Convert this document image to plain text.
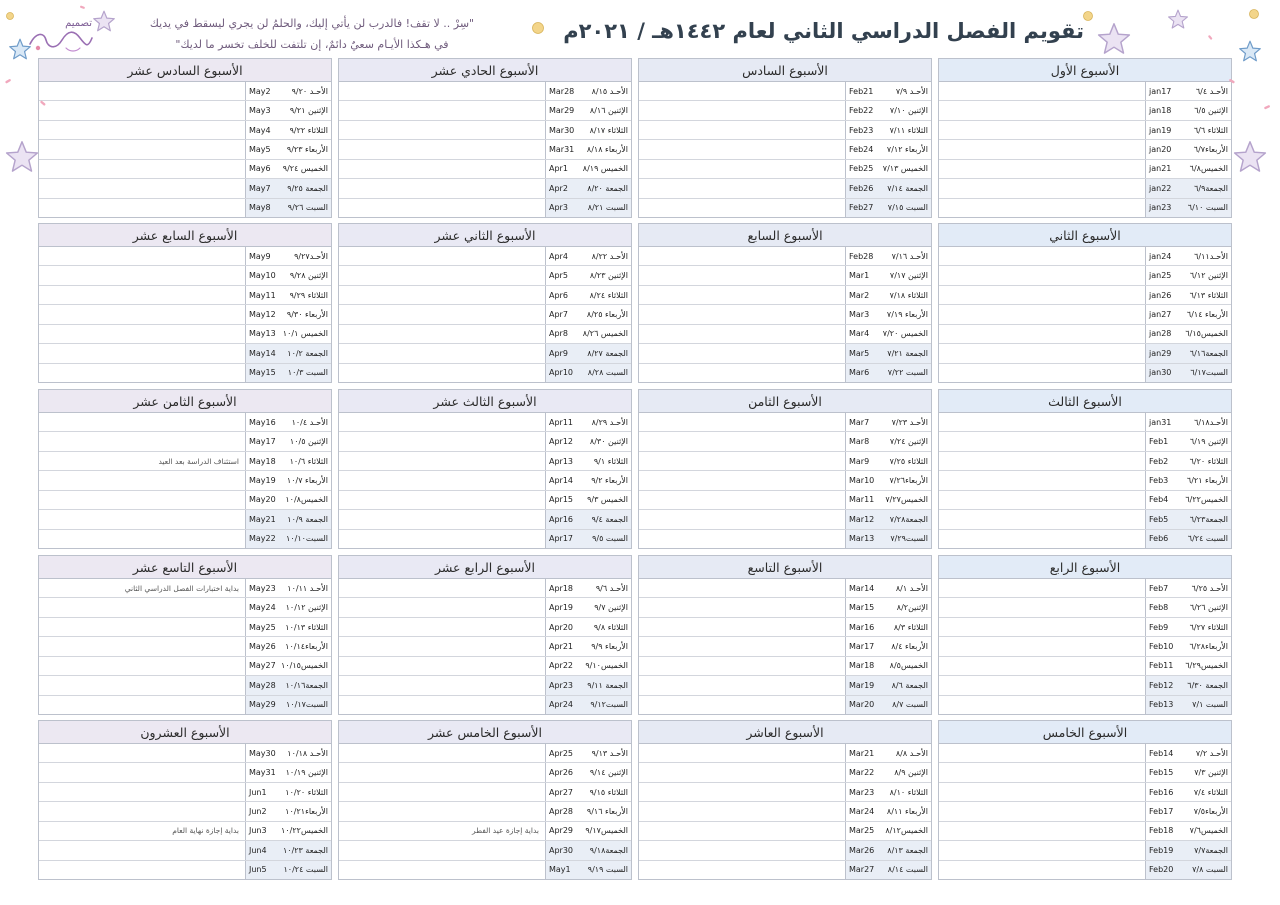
تقويم الفصل الدراسي الثاني لعام ١٤٤٢هـ / ٢٠٢١م
"سِرْ .. لا تقف! فالدرب لن يأتي إليك، والحلمُ لن يجري ليسقط في يديك
في هـكذا الأيـام سعيٌ دائمٌ، إن تلتفت للخلف تخسر ما لديك"
تصميم
الأسبوع الأول
الأحـد ٦/٤
jan17
الإثنين ٦/٥
jan18
الثلاثاء ٦/٦
jan19
الأربعاء٦/٧
jan20
الخميس٦/٨
jan21
الجمعة٦/٩
jan22
السبت ٦/١٠
jan23
الأسبوع الثاني
الأحـد٦/١١
jan24
الإثنين ٦/١٢
jan25
الثلاثاء ٦/١٣
jan26
الأربعاء ٦/١٤
jan27
الخميس٦/١٥
jan28
الجمعة٦/١٦
jan29
السبت٦/١٧
jan30
الأسبوع الثالث
الأحـد٦/١٨
jan31
الإثنين ٦/١٩
Feb1
الثلاثاء ٦/٢٠
Feb2
الأربعاء ٦/٢١
Feb3
الخميس٦/٢٢
Feb4
الجمعة٦/٢٣
Feb5
السبت ٦/٢٤
Feb6
الأسبوع الرابع
الأحـد ٦/٢٥
Feb7
الإثنين ٦/٢٦
Feb8
الثلاثاء ٦/٢٧
Feb9
الأربعاء٦/٢٨
Feb10
الخميس٦/٢٩
Feb11
الجمعة ٦/٣٠
Feb12
السبت ٧/١
Feb13
الأسبوع الخامس
الأحـد ٧/٢
Feb14
الإثنين ٧/٣
Feb15
الثلاثاء ٧/٤
Feb16
الأربعاء٧/٥
Feb17
الخميس٧/٦
Feb18
الجمعة٧/٧
Feb19
السبت ٧/٨
Feb20
الأسبوع السادس
الأحـد ٧/٩
Feb21
الإثنين ٧/١٠
Feb22
الثلاثاء ٧/١١
Feb23
الأربعاء ٧/١٢
Feb24
الخميس ٧/١٣
Feb25
الجمعة ٧/١٤
Feb26
السبت ٧/١٥
Feb27
الأسبوع السابع
الأحـد ٧/١٦
Feb28
الإثنين ٧/١٧
Mar1
الثلاثاء ٧/١٨
Mar2
الأربعاء ٧/١٩
Mar3
الخميس ٧/٢٠
Mar4
الجمعة ٧/٢١
Mar5
السبت ٧/٢٢
Mar6
الأسبوع الثامن
الأحـد ٧/٢٣
Mar7
الإثنين ٧/٢٤
Mar8
الثلاثاء ٧/٢٥
Mar9
الأربعاء٧/٢٦
Mar10
الخميس٧/٢٧
Mar11
الجمعة٧/٢٨
Mar12
السبت٧/٢٩
Mar13
الأسبوع التاسع
الأحـد ٨/١
Mar14
الإثنين٨/٢
Mar15
الثلاثاء ٨/٣
Mar16
الأربعاء ٨/٤
Mar17
الخميس٨/٥
Mar18
الجمعة ٨/٦
Mar19
السبت ٨/٧
Mar20
الأسبوع العاشر
الأحـد ٨/٨
Mar21
الإثنين ٨/٩
Mar22
الثلاثاء ٨/١٠
Mar23
الأربعاء ٨/١١
Mar24
الخميس٨/١٢
Mar25
الجمعة ٨/١٣
Mar26
السبت ٨/١٤
Mar27
الأسبوع الحادي عشر
الأحـد ٨/١٥
Mar28
الإثنين ٨/١٦
Mar29
الثلاثاء ٨/١٧
Mar30
الأربعاء ٨/١٨
Mar31
الخميس ٨/١٩
Apr1
الجمعة ٨/٢٠
Apr2
السبت ٨/٢١
Apr3
الأسبوع الثاني عشر
الأحـد ٨/٢٢
Apr4
الإثنين ٨/٢٣
Apr5
الثلاثاء ٨/٢٤
Apr6
الأربعاء ٨/٢٥
Apr7
الخميس ٨/٢٦
Apr8
الجمعة ٨/٢٧
Apr9
السبت ٨/٢٨
Apr10
الأسبوع الثالث عشر
الأحـد ٨/٢٩
Apr11
الإثنين ٨/٣٠
Apr12
الثلاثاء ٩/١
Apr13
الأربعاء ٩/٢
Apr14
الخميس ٩/٣
Apr15
الجمعة ٩/٤
Apr16
السبت ٩/٥
Apr17
الأسبوع الرابع عشر
الأحـد ٩/٦
Apr18
الإثنين ٩/٧
Apr19
الثلاثاء ٩/٨
Apr20
الأربعاء ٩/٩
Apr21
الخميس٩/١٠
Apr22
الجمعة ٩/١١
Apr23
السبت٩/١٢
Apr24
الأسبوع الخامس عشر
الأحـد ٩/١٣
Apr25
الإثنين ٩/١٤
Apr26
الثلاثاء ٩/١٥
Apr27
الأربعاء ٩/١٦
Apr28
الخميس٩/١٧
Apr29
بداية إجازة عيد الفطر
الجمعة٩/١٨
Apr30
السبت ٩/١٩
May1
الأسبوع السادس عشر
الأحـد ٩/٢٠
May2
الإثنين ٩/٢١
May3
الثلاثاء ٩/٢٢
May4
الأربعاء ٩/٢٣
May5
الخميس ٩/٢٤
May6
الجمعة ٩/٢٥
May7
السبت ٩/٢٦
May8
الأسبوع السابع عشر
الأحـد٩/٢٧
May9
الإثنين ٩/٢٨
May10
الثلاثاء ٩/٢٩
May11
الأربعاء ٩/٣٠
May12
الخميس ١٠/١
May13
الجمعة ١٠/٢
May14
السبت ١٠/٣
May15
الأسبوع الثامن عشر
الأحـد ١٠/٤
May16
الإثنين ١٠/٥
May17
الثلاثاء ١٠/٦
May18
استئناف الدراسة بعد العيد
الأربعاء ١٠/٧
May19
الخميس١٠/٨
May20
الجمعة ١٠/٩
May21
السبت١٠/١٠
May22
الأسبوع التاسع عشر
الأحـد ١٠/١١
May23
بداية اختبارات الفصل الدراسي الثاني
الإثنين ١٠/١٢
May24
الثلاثاء ١٠/١٣
May25
الأربعاء١٠/١٤
May26
الخميس١٠/١٥
May27
الجمعة١٠/١٦
May28
السبت١٠/١٧
May29
الأسبوع العشرون
الأحـد ١٠/١٨
May30
الإثنين ١٠/١٩
May31
الثلاثاء ١٠/٢٠
Jun1
الأربعاء١٠/٢١
Jun2
الخميس١٠/٢٢
Jun3
بداية إجازة نهاية العام
الجمعة ١٠/٢٣
Jun4
السبت ١٠/٢٤
Jun5
